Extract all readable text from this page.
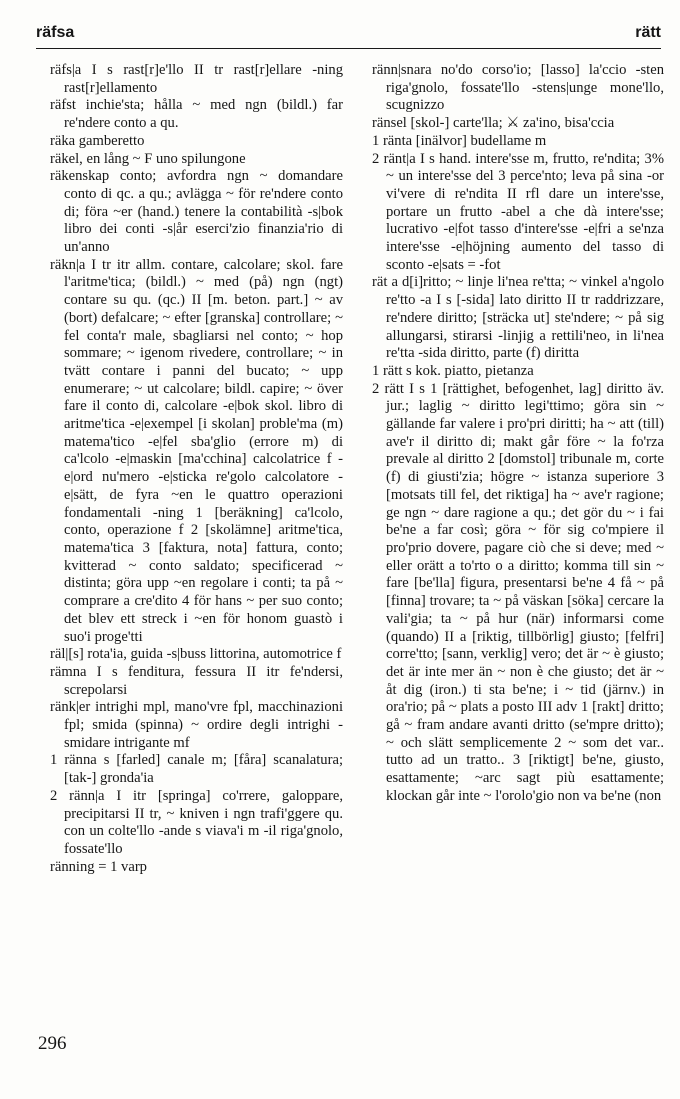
räfsa	rätt

räfs|a I s rast[r]e'llo II tr rast[r]ellare -ning rast[r]ellamento

räfst inchie'sta; hålla ~ med ngn (bildl.) far re'ndere conto a qu.

räka gamberetto

räkel, en lång ~ F uno spilungone

räkenskap conto; avfordra ngn ~ domandare conto di qc. a qu.; avlägga ~ för re'ndere conto di; föra ~er (hand.) tenere la contabilità -s|bok libro dei conti -s|år eserci'zio finanzia'rio di un'anno

räkn|a I tr itr allm. contare, calcolare; skol. fare l'aritme'tica; (bildl.) ~ med (på) ngn (ngt) contare su qu. (qc.) II [m. beton. part.] ~ av (bort) defalcare; ~ efter [granska] controllare; ~ fel conta'r male, sbagliarsi nel conto; ~ hop sommare; ~ igenom rivedere, controllare; ~ in tvätt contare i panni del bucato; ~ upp enumerare; ~ ut calcolare; bildl. capire; ~ över fare il conto di, calcolare -e|bok skol. libro di aritme'tica -e|exempel [i skolan] proble'ma (m) matema'tico -e|fel sba'glio (errore m) di ca'lcolo -e|maskin [ma'cchina] calcolatrice f -e|ord nu'mero -e|sticka re'golo calcolatore -e|sätt, de fyra ~en le quattro operazioni fondamentali -ning 1 [beräkning] ca'lcolo, conto, operazione f 2 [skolämne] aritme'tica, matema'tica 3 [faktura, nota] fattura, conto; kvitterad ~ conto saldato; specificerad ~ distinta; göra upp ~en regolare i conti; ta på ~ comprare a cre'dito 4 för hans ~ per suo conto; det blev ett streck i ~en för honom guastò i suo'i proge'tti

räl|[s] rota'ia, guida -s|buss littorina, automotrice f

rämna I s fenditura, fessura II itr fe'ndersi, screpolarsi

ränk|er intrighi mpl, mano'vre fpl, macchinazioni fpl; smida (spinna) ~ ordire degli intrighi -smidare intrigante mf

1 ränna s [farled] canale m; [fåra] scanalatura; [tak-] gronda'ia

2 ränn|a I itr [springa] co'rrere, galoppare, precipitarsi II tr, ~ kniven i ngn trafi'ggere qu. con un colte'llo -ande s viava'i m -il riga'gnolo, fossate'llo

ränning = 1 varp

ränn|snara no'do corso'io; [lasso] la'ccio -sten riga'gnolo, fossate'llo -stens|unge mone'llo, scugnizzo

ränsel [skol-] carte'lla; ⚔ za'ino, bisa'ccia

1 ränta [inälvor] budellame m

2 ränt|a I s hand. intere'sse m, frutto, re'ndita; 3% ~ un intere'sse del 3 perce'nto; leva på sina -or vi'vere di re'ndita II rfl dare un intere'sse, portare un frutto -abel a che dà intere'sse; lucrativo -e|fot tasso d'intere'sse -e|fri a se'nza intere'sse -e|höjning aumento del tasso di sconto -e|sats = -fot

rät a d[i]ritto; ~ linje li'nea re'tta; ~ vinkel a'ngolo re'tto -a I s [-sida] lato diritto II tr raddrizzare, re'ndere diritto; [sträcka ut] ste'ndere; ~ på sig allungarsi, stirarsi -linjig a rettili'neo, in li'nea re'tta -sida diritto, parte (f) diritta

1 rätt s kok. piatto, pietanza

2 rätt I s 1 [rättighet, befogenhet, lag] diritto äv. jur.; laglig ~ diritto legi'ttimo; göra sin ~ gällande far valere i pro'pri diritti; ha ~ att (till) ave'r il diritto di; makt går före ~ la fo'rza prevale al diritto 2 [domstol] tribunale m, corte (f) di giusti'zia; högre ~ istanza superiore 3 [motsats till fel, det riktiga] ha ~ ave'r ragione; ge ngn ~ dare ragione a qu.; det gör du ~ i fai be'ne a far così; göra ~ för sig co'mpiere il pro'prio dovere, pagare ciò che si deve; med ~ eller orätt a to'rto o a diritto; komma till sin ~ fare [be'lla] figura, presentarsi be'ne 4 få ~ på [finna] trovare; ta ~ på väskan [söka] cercare la vali'gia; ta ~ på hur (när) informarsi come (quando) II a [riktig, tillbörlig] giusto; [felfri] corre'tto; [sann, verklig] vero; det är ~ è giusto; det är inte mer än ~ non è che giusto; det är ~ åt dig (iron.) ti sta be'ne; i ~ tid (järnv.) in ora'rio; på ~ plats a posto III adv 1 [rakt] dritto; gå ~ fram andare avanti dritto (se'mpre dritto); ~ och slätt semplicemente 2 ~ som det var.. tutto ad un tratto.. 3 [riktigt] be'ne, giusto, esattamente; ~arc sagt più esattamente; klockan går inte ~ l'orolo'gio non va be'ne (non

296
